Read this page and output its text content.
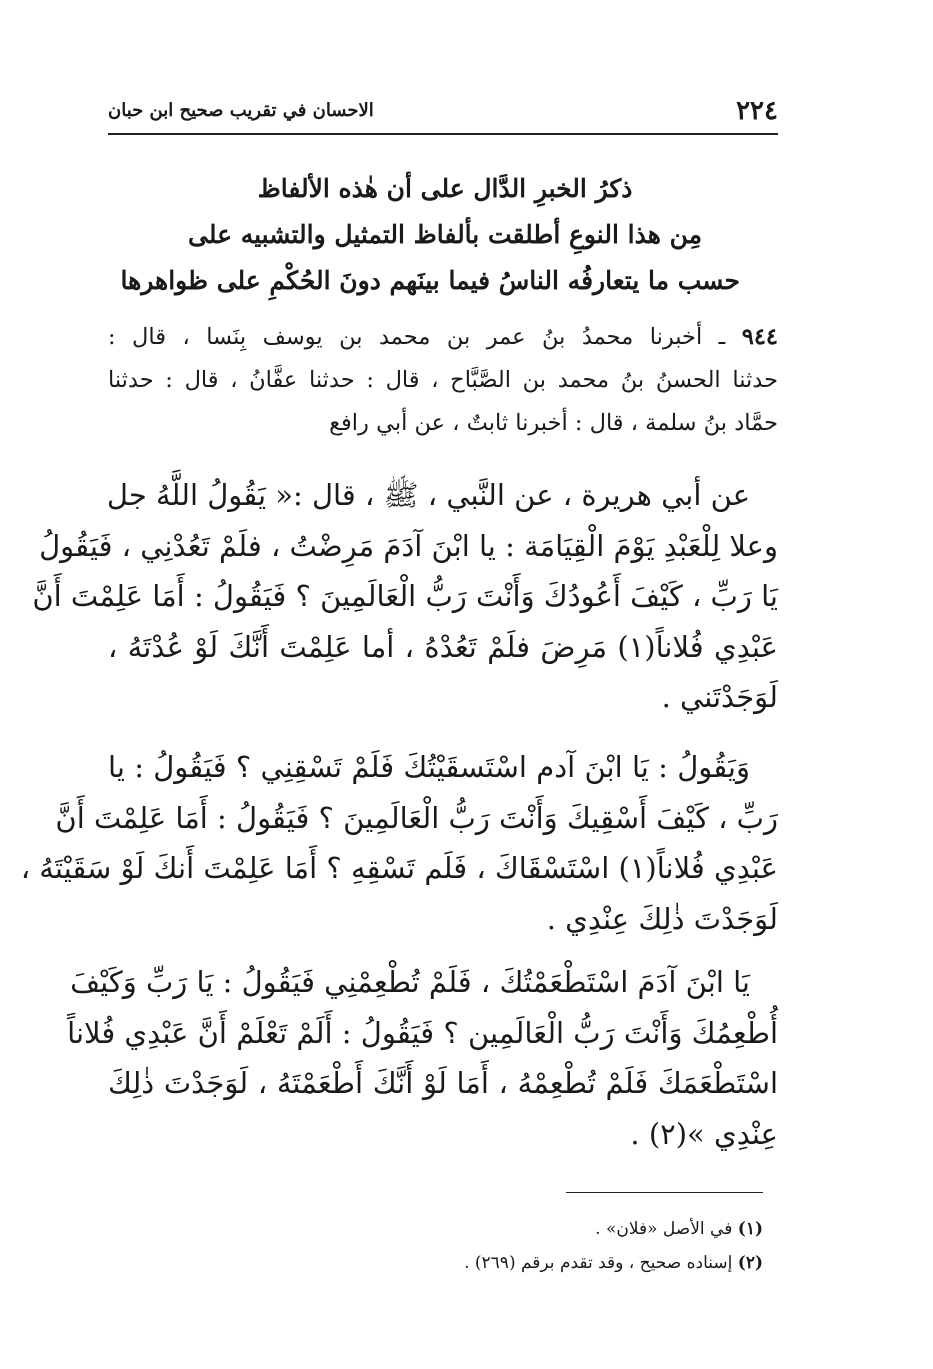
٢٢٤
الاحسان في تقريب صحيح ابن حبان
ذكرُ الخبرِ الدَّال على أن هٰذه الألفاظ
مِن هذا النوعِ أطلقت بألفاظ التمثيل والتشبيه على
حسب ما يتعارفُه الناسُ فيما بينَهم دونَ الحُكْمِ على ظواهرها
٩٤٤ ـ أخبرنا محمدُ بنُ عمر بن محمد بن يوسف بِنَسا ، قال :
حدثنا الحسنُ بنُ محمد بن الصَّبَّاح ، قال : حدثنا عفَّانُ ، قال : حدثنا
حمَّاد بنُ سلمة ، قال : أخبرنا ثابتٌ ، عن أبي رافع
عن أبي هريرة ، عن النَّبي ، ﷺ ، قال :« يَقُولُ اللَّهُ جل
وعلا لِلْعَبْدِ يَوْمَ الْقِيَامَة : يا ابْنَ آدَمَ مَرِضْتُ ، فلَمْ تَعُدْنِي ، فَيَقُولُ
يَا رَبِّ ، كَيْفَ أَعُودُكَ وَأَنْتَ رَبُّ الْعَالَمِينَ ؟ فَيَقُولُ : أَمَا عَلِمْتَ أَنَّ
عَبْدِي فُلاناً(١) مَرِضَ فلَمْ تَعُدْهُ ، أما عَلِمْتَ أَنَّكَ لَوْ عُدْتَهُ ،
لَوَجَدْتَني .
وَيَقُولُ : يَا ابْنَ آدم اسْتَسقَيْتُكَ فَلَمْ تَسْقِنِي ؟ فَيَقُولُ : يا
رَبِّ ، كَيْفَ أَسْقِيكَ وَأَنْتَ رَبُّ الْعَالَمِينَ ؟ فَيَقُولُ : أَمَا عَلِمْتَ أَنَّ
عَبْدِي فُلاناً(١) اسْتَسْقَاكَ ، فَلَم تَسْقِهِ ؟ أَمَا عَلِمْتَ أَنكَ لَوْ سَقَيْتَهُ ،
لَوَجَدْتَ ذٰلِكَ عِنْدِي .
يَا ابْنَ آدَمَ اسْتَطْعَمْتُكَ ، فَلَمْ تُطْعِمْنِي فَيَقُولُ : يَا رَبِّ وَكَيْفَ
أُطْعِمُكَ وَأَنْتَ رَبُّ الْعَالَمِين ؟ فَيَقُولُ : أَلَمْ تَعْلَمْ أَنَّ عَبْدِي فُلاناً
اسْتَطْعَمَكَ فَلَمْ تُطْعِمْهُ ، أَمَا لَوْ أَنَّكَ أَطْعَمْتَهُ ، لَوَجَدْتَ ذٰلِكَ
عِنْدِي »(٢) .
(١) في الأصل «فلان» .
(٢) إسناده صحيح ، وقد تقدم برقم (٢٦٩) .
